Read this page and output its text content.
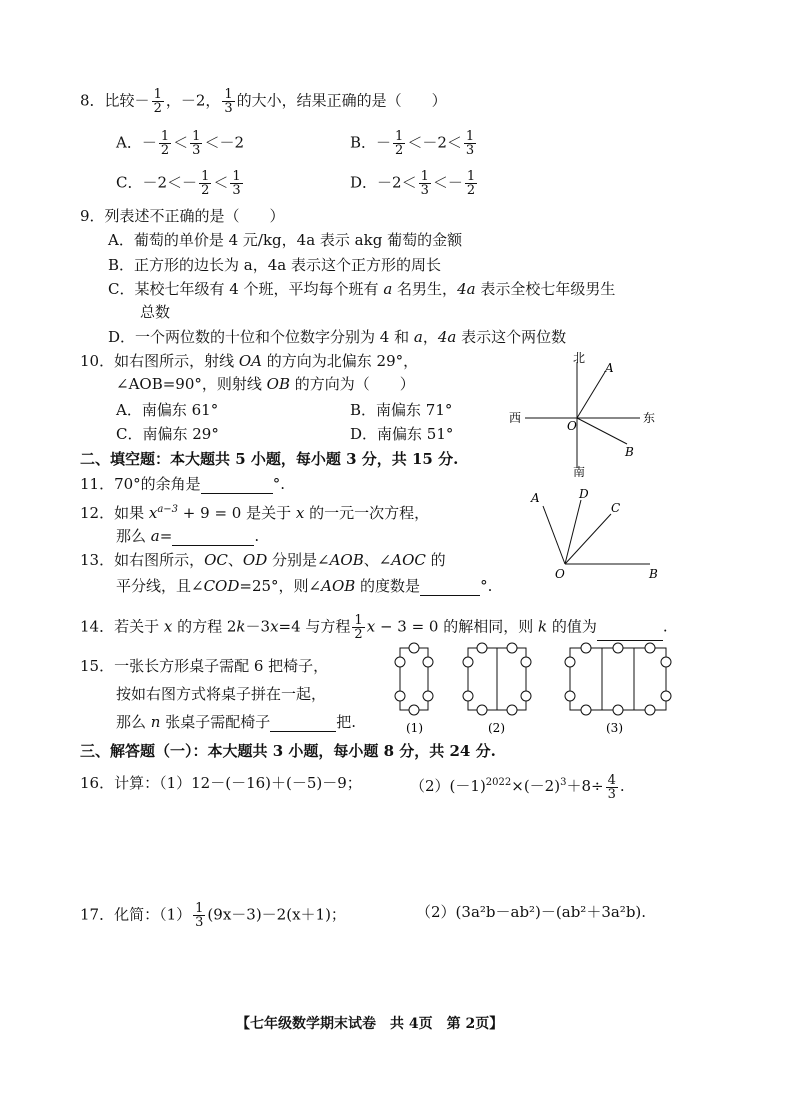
8．比较－ $\frac{1}{2}$ ，－2， $\frac{1}{3}$ 的大小，结果正确的是（　　）
A．－ $\frac{1}{2} < \frac{1}{3} <-2$	B．－ $\frac{1}{2} <-2< \frac{1}{3}$
C．$-2<- \frac{1}{2} < \frac{1}{3}$	D．$-2< \frac{1}{3} <- \frac{1}{2}$
9．列表述不正确的是（　　）
A．葡萄的单价是 4 元/kg，4a 表示 akg 葡萄的金额
B．正方形的边长为 a，4a 表示这个正方形的周长
C．某校七年级有 4 个班，平均每个班有 a 名男生，4a 表示全校七年级男生
总数
D．一个两位数的十位和个位数字分别为 4 和 a，4a 表示这个两位数
10．如右图所示，射线 OA 的方向为北偏东 29°，
∠AOB=90°，则射线 OB 的方向为（　　）
A．南偏东 61°	B．南偏东 71°
C．南偏东 29°	D．南偏东 51°
北
南
西	东
A
B
O
二、填空题：本大题共 5 小题，每小题 3 分，共 15 分.
11．70°的余角是	°.
12．如果 $x^{a-3} + 9 = 0$ 是关于 x 的一元一次方程，
那么 a=	.
13．如右图所示，OC、OD 分别是∠AOB、∠AOC 的
平分线，且∠COD=25°，则∠AOB 的度数是	°.
A	D
C
O	B
14．若关于 x 的方程 2k－3x=4 与方程 $\frac{1}{2}$ x − 3 = 0 的解相同，则 k 的值为	.
15．一张长方形桌子需配 6 把椅子，
按如右图方式将桌子拼在一起，
那么 n 张桌子需配椅子	把.	(1)	(2)	(3)
三、解答题（一）：本大题共 3 小题，每小题 8 分，共 24 分.
16．计算：（1）12－(－16)＋(－5)－9；	$(2)(-1)^{2022}\times(-2)^3+8\div \frac{4}{3}$ .
17．化简：$(1) \frac{1}{3} (9x-3)-2(x+1)$；	（2）(3a²b－ab²)－(ab²＋3a²b).
【七年级数学期末试卷　共 4页　第 2页】
